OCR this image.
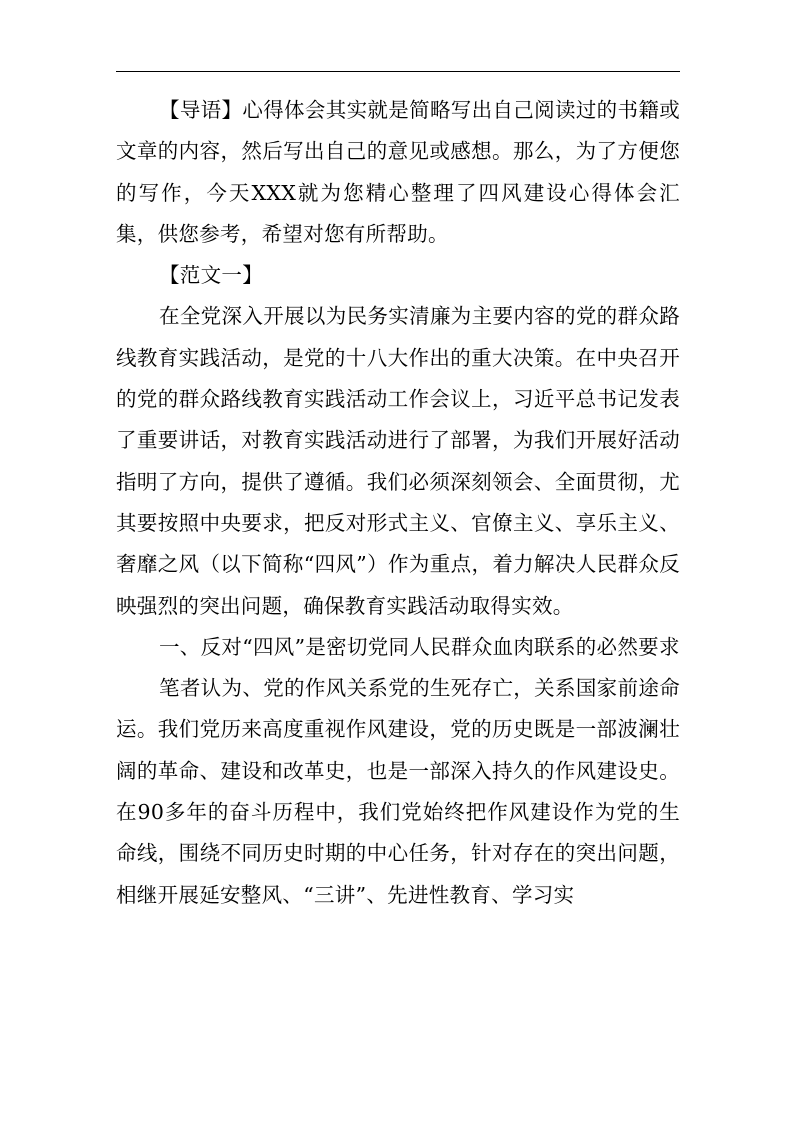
【导语】心得体会其实就是简略写出自己阅读过的书籍或文章的内容，然后写出自己的意见或感想。那么，为了方便您的写作，今天XXX就为您精心整理了四风建设心得体会汇集，供您参考，希望对您有所帮助。

【范文一】

在全党深入开展以为民务实清廉为主要内容的党的群众路线教育实践活动，是党的十八大作出的重大决策。在中央召开的党的群众路线教育实践活动工作会议上，习近平总书记发表了重要讲话，对教育实践活动进行了部署，为我们开展好活动指明了方向，提供了遵循。我们必须深刻领会、全面贯彻，尤其要按照中央要求，把反对形式主义、官僚主义、享乐主义、奢靡之风（以下简称“四风”）作为重点，着力解决人民群众反映强烈的突出问题，确保教育实践活动取得实效。

一、反对“四风”是密切党同人民群众血肉联系的必然要求

笔者认为、党的作风关系党的生死存亡，关系国家前途命运。我们党历来高度重视作风建设，党的历史既是一部波澜壮阔的革命、建设和改革史，也是一部深入持久的作风建设史。在90多年的奋斗历程中，我们党始终把作风建设作为党的生命线，围绕不同历史时期的中心任务，针对存在的突出问题，相继开展延安整风、“三讲”、先进性教育、学习实
